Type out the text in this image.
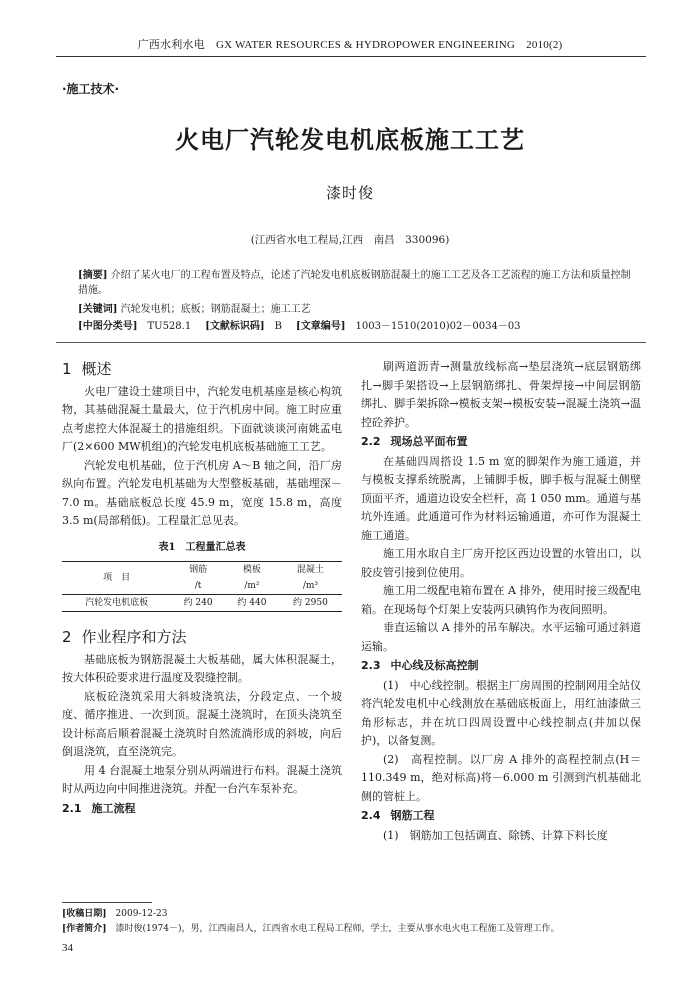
广西水利水电　GX WATER RESOURCES & HYDROPOWER ENGINEERING　2010(2)
·施工技术·
火电厂汽轮发电机底板施工工艺
漆时俊
(江西省水电工程局,江西　南昌　330096)
[摘要] 介绍了某火电厂的工程布置及特点，论述了汽轮发电机底板钢筋混凝土的施工工艺及各工艺流程的施工方法和质量控制措施。
[关键词] 汽轮发电机；底板；钢筋混凝土；施工工艺
[中图分类号]　 TU528.1 [文献标识码]　 B [文章编号]　 1003－1510(2010)02－0034－03
1 概述

火电厂建设土建项目中，汽轮发电机基座是核心构筑物，其基础混凝土量最大，位于汽机房中间。施工时应重点考虑控大体混凝土的措施组织。下面就谈谈河南姚孟电厂(2×600 MW机组)的汽轮发电机底板基础施工工艺。

汽轮发电机基础，位于汽机房 A～B 轴之间，沿厂房纵向布置。汽轮发电机基础为大型整板基础，基础埋深－7.0 m。基础底板总长度 45.9 m，宽度 15.8 m，高度 3.5 m(局部稍低)。工程量汇总见表。

表1　工程量汇总表
项　目	钢筋	模板	混凝土
	/t	/m²	/m³
汽轮发电机底板	约 240	约 440	约 2950
2 作业程序和方法

基础底板为钢筋混凝土大板基础，属大体积混凝土，按大体积砼要求进行温度及裂缝控制。

底板砼浇筑采用大斜坡浇筑法，分段定点、一个坡度、循序推进、一次到顶。混凝土浇筑时，在顶头浇筑至设计标高后顺着混凝土浇筑时自然流淌形成的斜坡，向后倒退浇筑，直至浇筑完。

用 4 台混凝土地泵分别从两端进行布料。混凝土浇筑时从两边向中间推进浇筑。并配一台汽车泵补充。

2.1 施工流程

刷两道沥青→测量放线标高→垫层浇筑→底层钢筋绑扎→脚手架搭设→上层钢筋绑扎、骨架焊接→中间层钢筋绑扎、脚手架拆除→模板支架→模板安装→混凝土浇筑→温控砼养护。

2.2 现场总平面布置

在基础四周搭设 1.5 m 宽的脚架作为施工通道，并与模板支撑系统脱离，上铺脚手板，脚手板与混凝土侧壁顶面平齐，通道边设安全栏杆，高 1 050 mm。通道与基坑外连通。此通道可作为材料运输通道，亦可作为混凝土施工通道。

施工用水取自主厂房开挖区西边设置的水管出口，以胶皮管引接到位使用。

施工用二级配电箱布置在 A 排外，使用时接三级配电箱。在现场每个灯架上安装两只碘钨作为夜间照明。

垂直运输以 A 排外的吊车解决。水平运输可通过斜道运输。

2.3 中心线及标高控制

(1)　中心线控制。根据主厂房周围的控制网用全站仪将汽轮发电机中心线测放在基础底板面上，用红油漆做三角形标志，并在坑口四周设置中心线控制点(并加以保护)，以备复测。

(2)　高程控制。以厂房 A 排外的高程控制点(H＝110.349 m，绝对标高)将－6.000 m 引测到汽机基础北侧的管桩上。

2.4 钢筋工程

(1)　钢筋加工包括调直、除锈、计算下料长度

[收稿日期]　 2009-12-23
[作者简介]　 漆时俊(1974－)，男，江西南昌人，江西省水电工程局工程师，学士，主要从事水电火电工程施工及管理工作。
34
